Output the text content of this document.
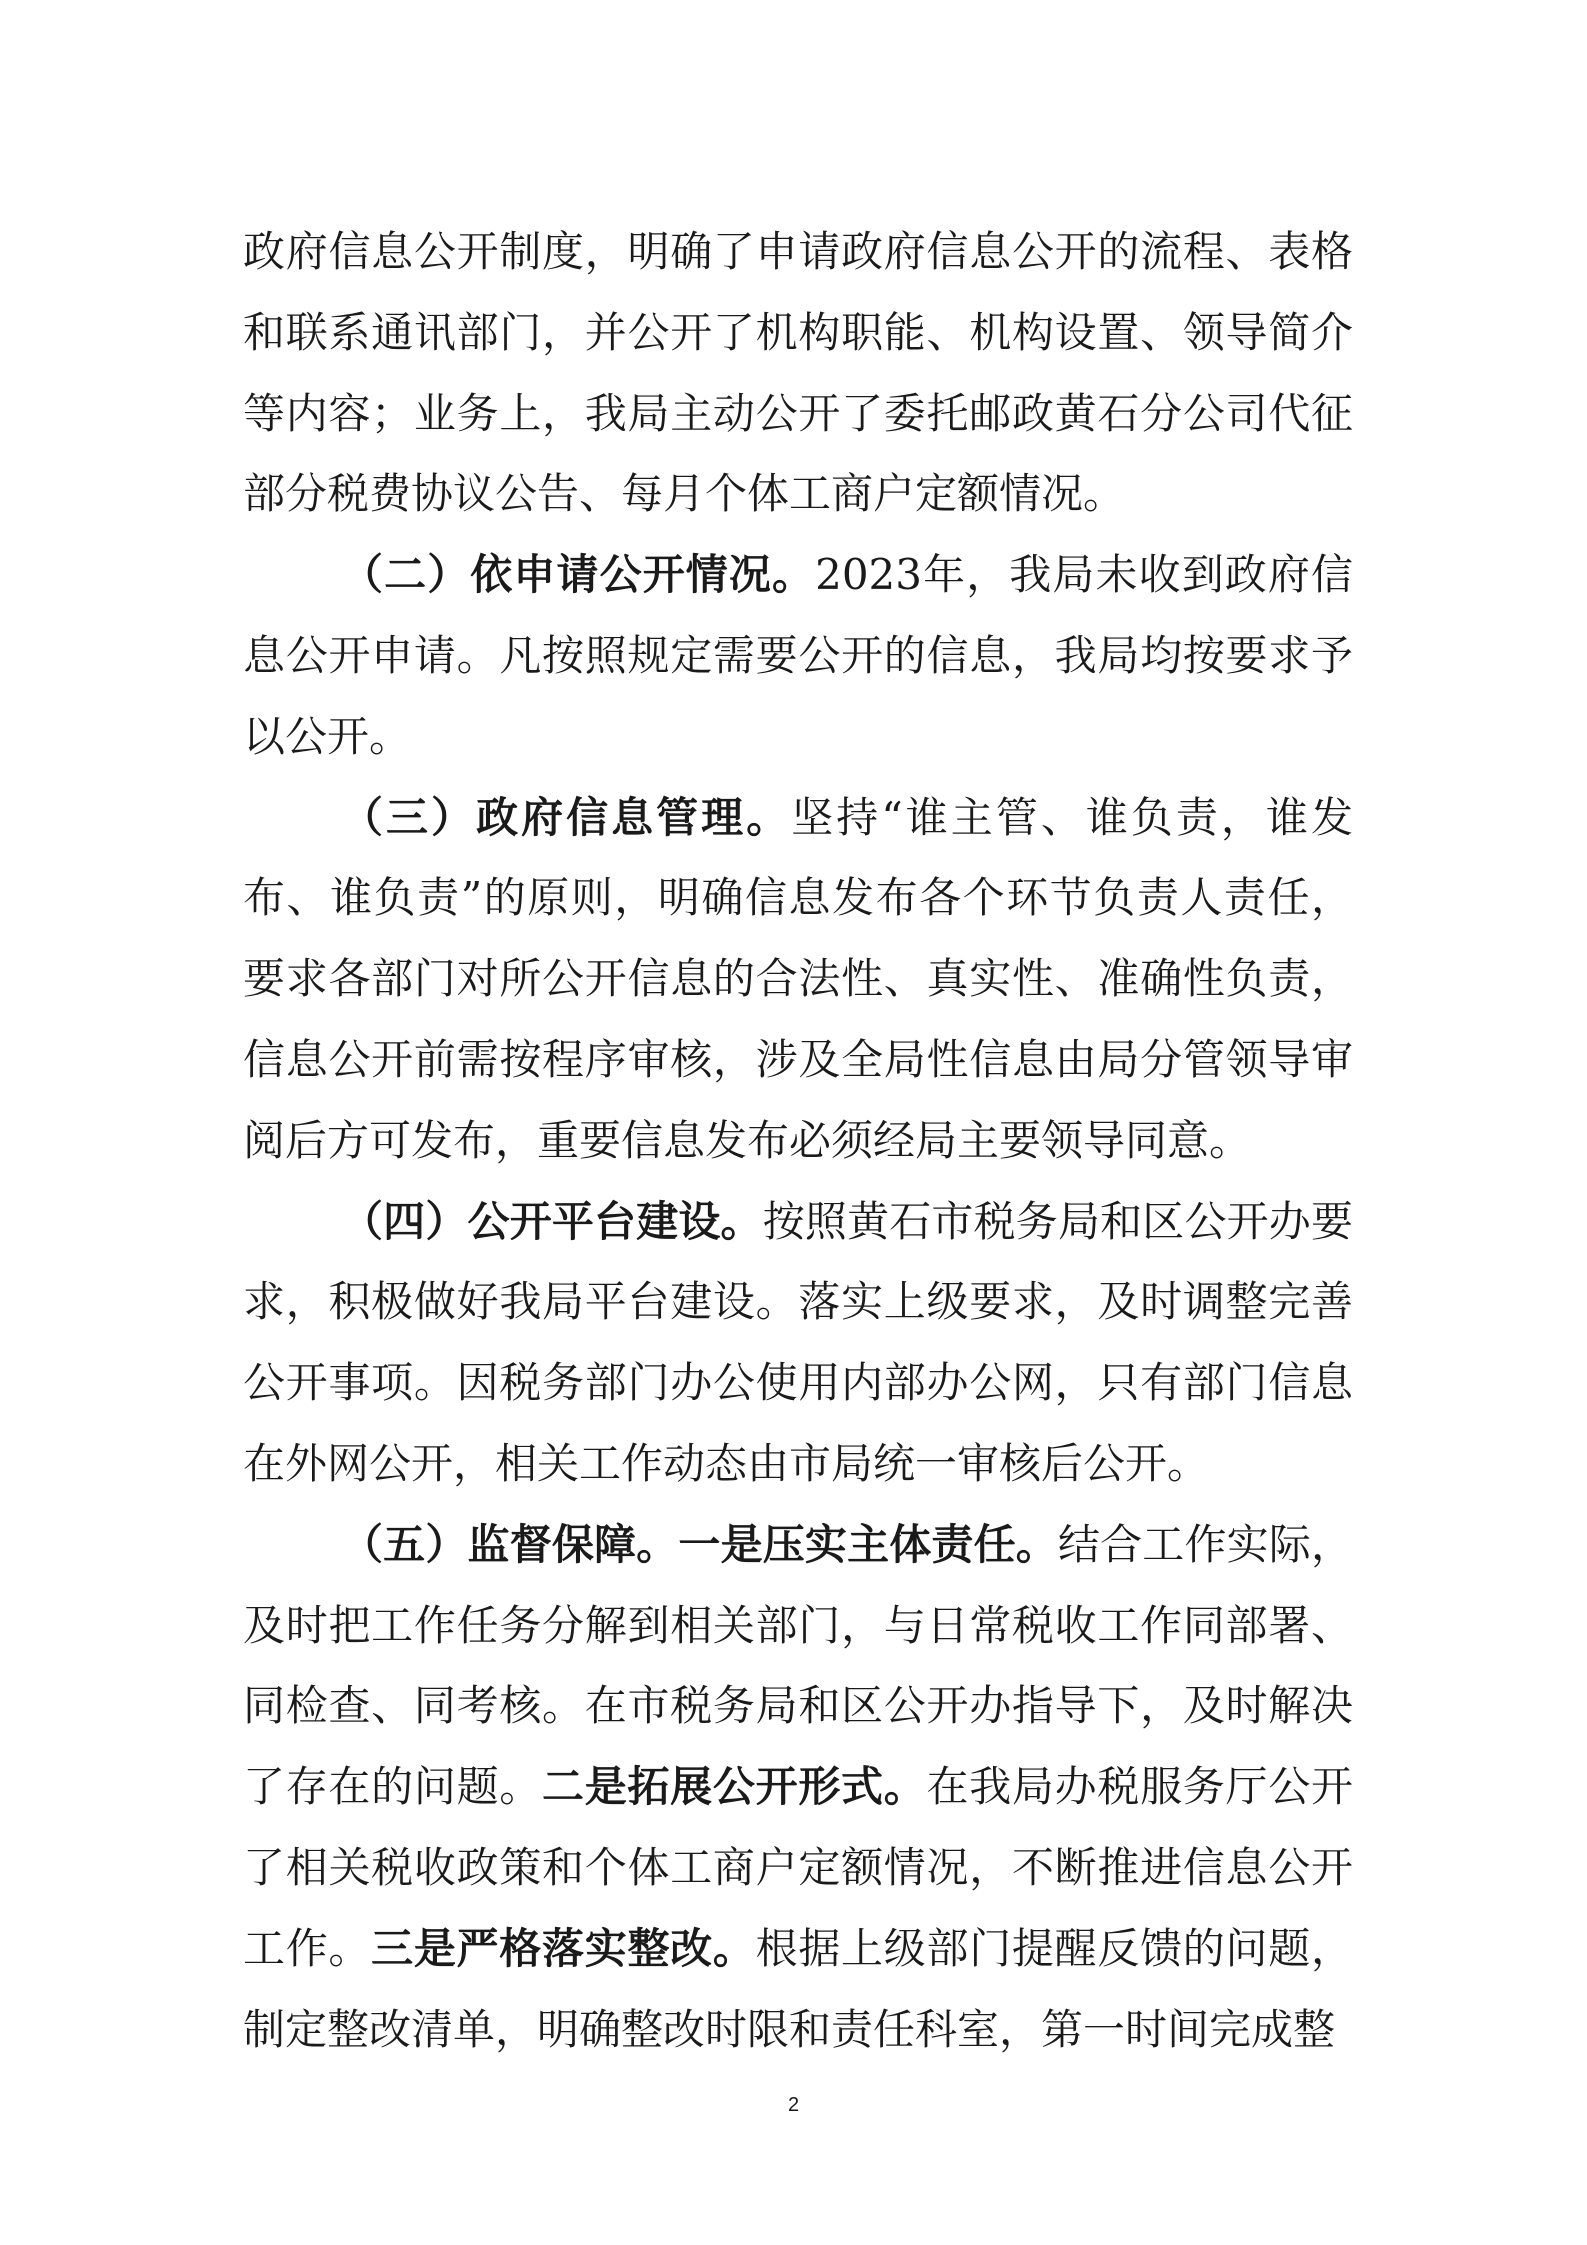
政府信息公开制度，明确了申请政府信息公开的流程、表格和联系通讯部门，并公开了机构职能、机构设置、领导简介等内容；业务上，我局主动公开了委托邮政黄石分公司代征部分税费协议公告、每月个体工商户定额情况。

（二）依申请公开情况。2023年，我局未收到政府信息公开申请。凡按照规定需要公开的信息，我局均按要求予以公开。

（三）政府信息管理。坚持“谁主管、谁负责，谁发布、谁负责”的原则，明确信息发布各个环节负责人责任，要求各部门对所公开信息的合法性、真实性、准确性负责，信息公开前需按程序审核，涉及全局性信息由局分管领导审阅后方可发布，重要信息发布必须经局主要领导同意。

（四）公开平台建设。按照黄石市税务局和区公开办要求，积极做好我局平台建设。落实上级要求，及时调整完善公开事项。因税务部门办公使用内部办公网，只有部门信息在外网公开，相关工作动态由市局统一审核后公开。

（五）监督保障。一是压实主体责任。结合工作实际，及时把工作任务分解到相关部门，与日常税收工作同部署、同检查、同考核。在市税务局和区公开办指导下，及时解决了存在的问题。二是拓展公开形式。在我局办税服务厅公开了相关税收政策和个体工商户定额情况，不断推进信息公开工作。三是严格落实整改。根据上级部门提醒反馈的问题，制定整改清单，明确整改时限和责任科室，第一时间完成整

2
